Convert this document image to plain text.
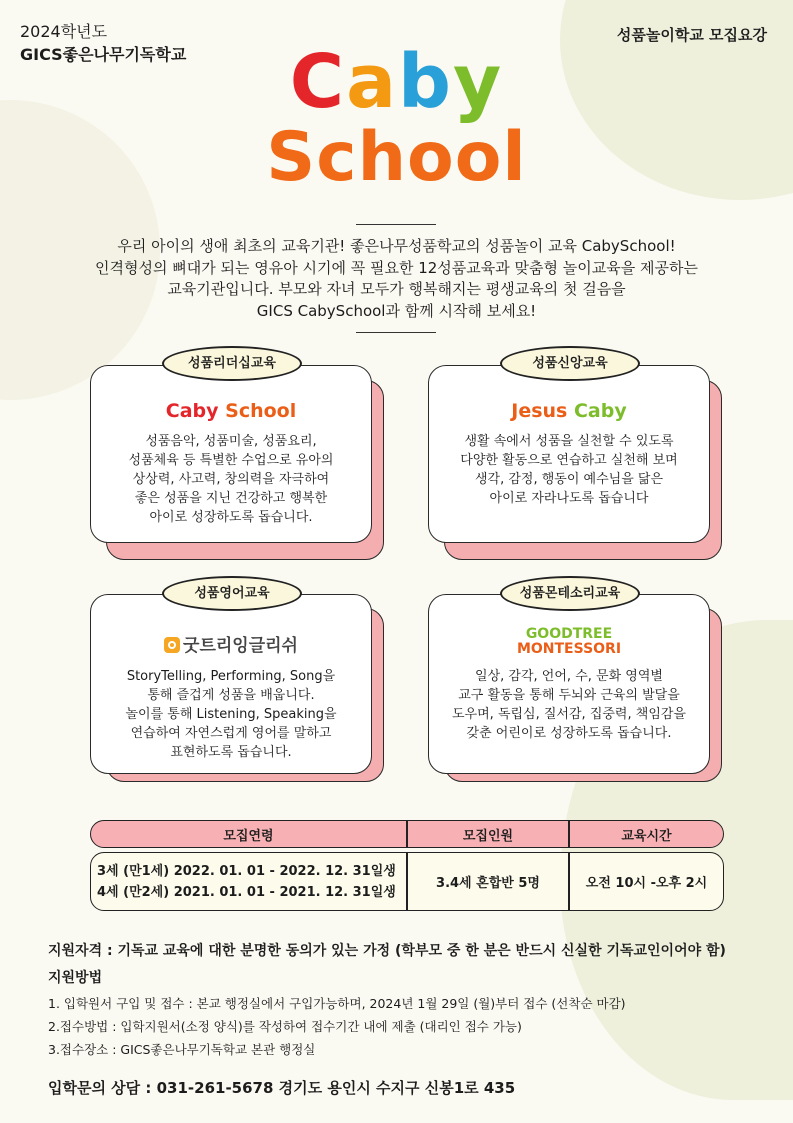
2024학년도
GICS좋은나무기독학교
성품놀이학교 모집요강
Caby
School
우리 아이의 생애 최초의 교육기관! 좋은나무성품학교의 성품놀이 교육 CabySchool!
인격형성의 뼈대가 되는 영유아 시기에 꼭 필요한 12성품교육과 맞춤형 놀이교육을 제공하는
교육기관입니다. 부모와 자녀 모두가 행복해지는 평생교육의 첫 걸음을
GICS CabySchool과 함께 시작해 보세요!
Caby School
성품음악, 성품미술, 성품요리,
성품체육 등 특별한 수업으로 유아의
상상력, 사고력, 창의력을 자극하여
좋은 성품을 지닌 건강하고 행복한
아이로 성장하도록 돕습니다.
성품리더십교육
Jesus Caby
생활 속에서 성품을 실천할 수 있도록
다양한 활동으로 연습하고 실천해 보며
생각, 감정, 행동이 예수님을 닮은
아이로 자라나도록 돕습니다
성품신앙교육
굿트리잉글리쉬
StoryTelling, Performing, Song을
통해 즐겁게 성품을 배웁니다.
놀이를 통해 Listening, Speaking을
연습하여 자연스럽게 영어를 말하고
표현하도록 돕습니다.
성품영어교육
GOODTREE
MONTESSORI
일상, 감각, 언어, 수, 문화 영역별
교구 활동을 통해 두뇌와 근육의 발달을
도우며, 독립심, 질서감, 집중력, 책임감을
갖춘 어린이로 성장하도록 돕습니다.
성품몬테소리교육
모집연령	모집인원	교육시간
3세 (만1세) 2022. 01. 01 - 2022. 12. 31일생
4세 (만2세) 2021. 01. 01 - 2021. 12. 31일생
3.4세 혼합반 5명	오전 10시 -오후 2시
지원자격 : 기독교 교육에 대한 분명한 동의가 있는 가정 (학부모 중 한 분은 반드시 신실한 기독교인이어야 함)
지원방법
1. 입학원서 구입 및 접수 : 본교 행정실에서 구입가능하며, 2024년 1월 29일 (월)부터 접수 (선착순 마감)
2.접수방법 : 입학지원서(소정 양식)를 작성하여 접수기간 내에 제출 (대리인 접수 가능)
3.접수장소 : GICS좋은나무기독학교 본관 행정실
입학문의 상담 : 031-261-5678 경기도 용인시 수지구 신봉1로 435
